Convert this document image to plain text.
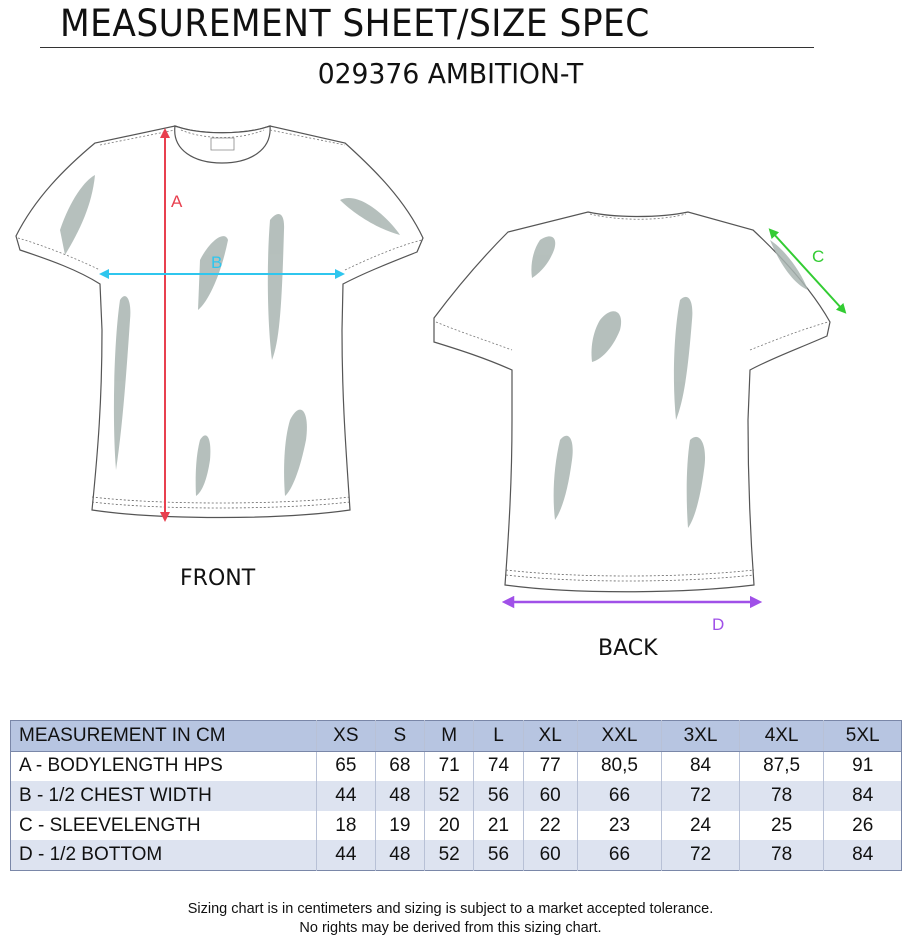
MEASUREMENT SHEET/SIZE SPEC
029376 AMBITION-T
A
B	C
D
FRONT
BACK
MEASUREMENT IN CM	XS	S	M	L	XL	XXL	3XL	4XL	5XL
A - BODYLENGTH HPS	65	68	71	74	77	80,5	84	87,5	91
B - 1/2 CHEST WIDTH	44	48	52	56	60	66	72	78	84
C - SLEEVELENGTH	18	19	20	21	22	23	24	25	26
D - 1/2 BOTTOM	44	48	52	56	60	66	72	78	84
Sizing chart is in centimeters and sizing is subject to a market accepted tolerance.
No rights may be derived from this sizing chart.
